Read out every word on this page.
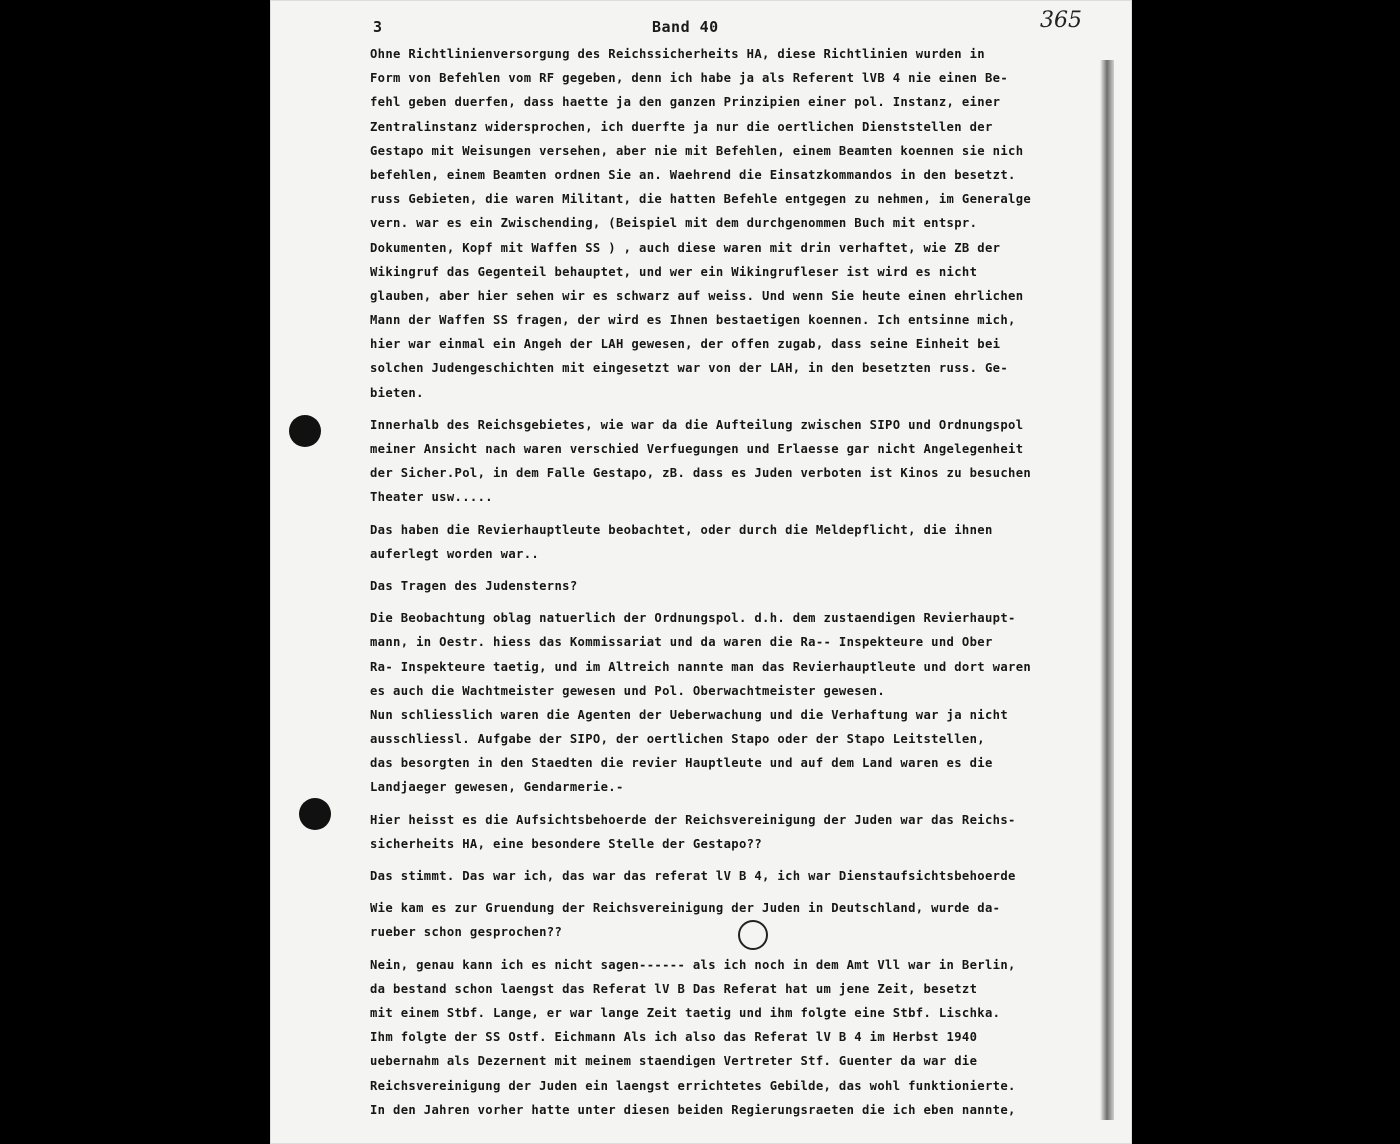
3	Band 40	365
Ohne Richtlinienversorgung des Reichssicherheits HA, diese Richtlinien wurden in
Form von Befehlen vom RF gegeben, denn ich habe ja als Referent lVB 4 nie einen Be-
fehl geben duerfen, dass haette ja den ganzen Prinzipien einer pol. Instanz, einer
Zentralinstanz widersprochen, ich duerfte ja nur die oertlichen Dienststellen der
Gestapo mit Weisungen versehen, aber nie mit Befehlen, einem Beamten koennen sie nich
befehlen, einem Beamten ordnen Sie an. Waehrend die Einsatzkommandos in den besetzt.
russ Gebieten, die waren Militant, die hatten Befehle entgegen zu nehmen, im Generalge
vern. war es ein Zwischending, (Beispiel mit dem durchgenommen Buch mit entspr.
Dokumenten, Kopf mit Waffen SS ) , auch diese waren mit drin verhaftet, wie ZB der
Wikingruf das Gegenteil behauptet, und wer ein Wikingrufleser ist wird es nicht
glauben, aber hier sehen wir es schwarz auf weiss. Und wenn Sie heute einen ehrlichen
Mann der Waffen SS fragen, der wird es Ihnen bestaetigen koennen. Ich entsinne mich,
hier war einmal ein Angeh der LAH gewesen, der offen zugab, dass seine Einheit bei
solchen Judengeschichten mit eingesetzt war von der LAH, in den besetzten russ. Ge-
bieten.
Innerhalb des Reichsgebietes, wie war da die Aufteilung zwischen SIPO und Ordnungspol
meiner Ansicht nach waren verschied Verfuegungen und Erlaesse gar nicht Angelegenheit
der Sicher.Pol, in dem Falle Gestapo, zB. dass es Juden verboten ist Kinos zu besuchen
Theater usw.....
Das haben die Revierhauptleute beobachtet, oder durch die Meldepflicht, die ihnen
auferlegt worden war..
Das Tragen des Judensterns?
Die Beobachtung oblag natuerlich der Ordnungspol. d.h. dem zustaendigen Revierhaupt-
mann, in Oestr. hiess das Kommissariat und da waren die Ra-- Inspekteure und Ober
Ra- Inspekteure taetig, und im Altreich nannte man das Revierhauptleute und dort waren
es auch die Wachtmeister gewesen und Pol. Oberwachtmeister gewesen.
Nun schliesslich waren die Agenten der Ueberwachung und die Verhaftung war ja nicht
ausschliessl. Aufgabe der SIPO, der oertlichen Stapo oder der Stapo Leitstellen,
das besorgten in den Staedten die revier Hauptleute und auf dem Land waren es die
Landjaeger gewesen, Gendarmerie.-
Hier heisst es die Aufsichtsbehoerde der Reichsvereinigung der Juden war das Reichs-
sicherheits HA, eine besondere Stelle der Gestapo??
Das stimmt. Das war ich, das war das referat lV B 4, ich war Dienstaufsichtsbehoerde
Wie kam es zur Gruendung der Reichsvereinigung der Juden in Deutschland, wurde da-
rueber schon gesprochen??
Nein, genau kann ich es nicht sagen------ als ich noch in dem Amt Vll war in Berlin,
da bestand schon laengst das Referat lV B Das Referat hat um jene Zeit, besetzt
mit einem Stbf. Lange, er war lange Zeit taetig und ihm folgte eine Stbf. Lischka.
Ihm folgte der SS Ostf. Eichmann Als ich also das Referat lV B 4 im Herbst 1940
uebernahm als Dezernent mit meinem staendigen Vertreter Stf. Guenter da war die
Reichsvereinigung der Juden ein laengst errichtetes Gebilde, das wohl funktionierte.
In den Jahren vorher hatte unter diesen beiden Regierungsraeten die ich eben nannte,
